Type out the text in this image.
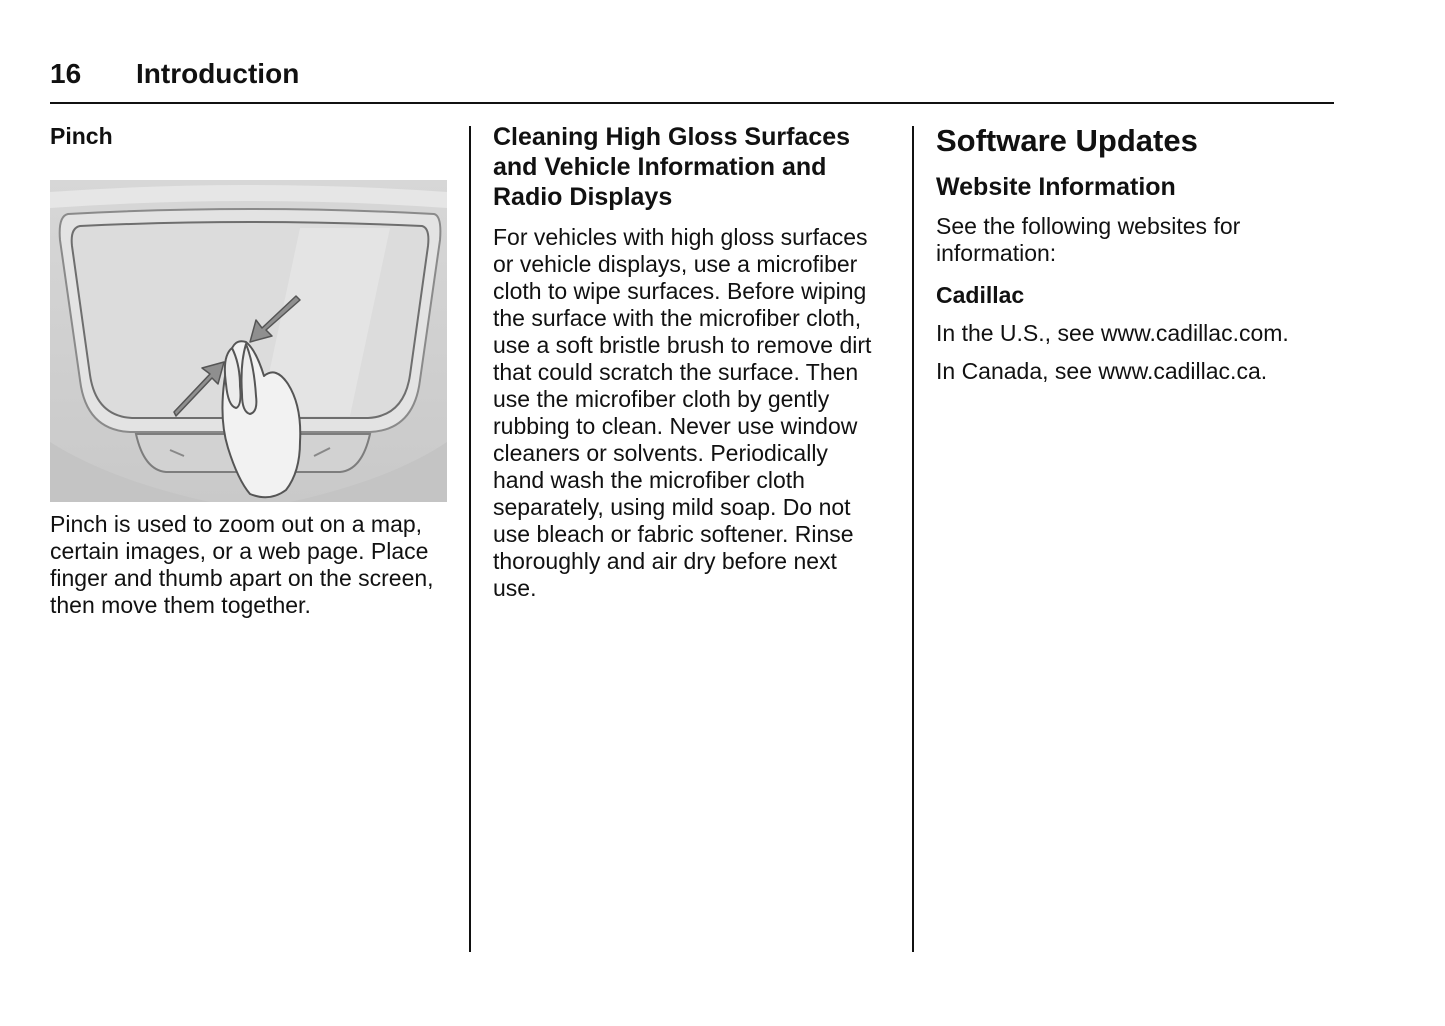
16 Introduction

Pinch

Pinch is used to zoom out on a map, certain images, or a web page. Place finger and thumb apart on the screen, then move them together.

Cleaning High Gloss Surfaces
and Vehicle Information and
Radio Displays

For vehicles with high gloss surfaces or vehicle displays, use a microfiber cloth to wipe surfaces. Before wiping the surface with the microfiber cloth, use a soft bristle brush to remove dirt that could scratch the surface. Then use the microfiber cloth by gently rubbing to clean. Never use window cleaners or solvents. Periodically hand wash the microfiber cloth separately, using mild soap. Do not use bleach or fabric softener. Rinse thoroughly and air dry before next use.

Software Updates

Website Information

See the following websites for information:

Cadillac

In the U.S., see www.cadillac.com.

In Canada, see www.cadillac.ca.
